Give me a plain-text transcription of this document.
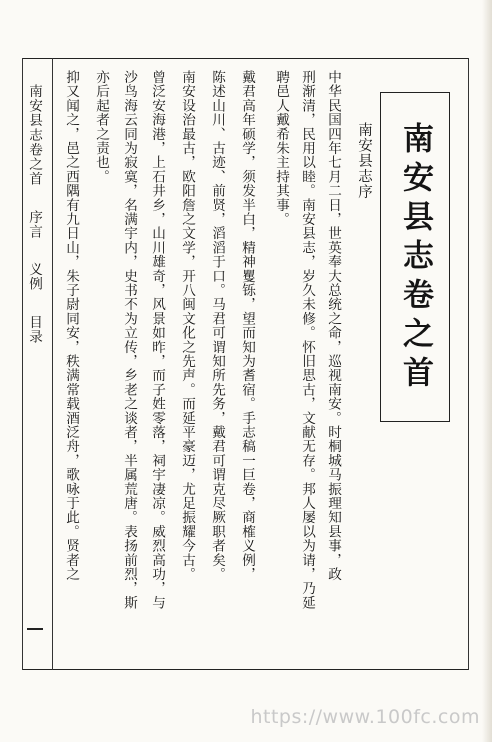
南安县志卷之首 序言 义例 目录	南安县志卷之首
南安县志序
中华民国四年七月二日，世英奉大总统之命，巡视南安。时桐城马振理知县事，政
刑渐清，民用以睦。南安县志，岁久未修。怀旧思古，文献无存。邦人屡以为请，乃延
聘邑人戴希朱主持其事。
戴君高年硕学，须发半白，精神矍铄，望而知为耆宿。手志稿一巨卷，商榷义例，
陈述山川、古迹、前贤，滔滔于口。马君可谓知所先务，戴君可谓克尽厥职者矣。
南安设治最古，欧阳詹之文学，开八闽文化之先声。而延平豪迈，尤足振耀今古。
曾泛安海港，上石井乡，山川雄奇，风景如昨，而子姓零落，祠宇凄凉。威烈高功，与
沙鸟海云同为寂寞，名满宇内，史书不为立传，乡老之谈者，半属荒唐。表扬前烈，斯
亦后起者之责也。
抑又闻之，邑之西隅有九日山，朱子尉同安，秩满常载酒泛舟，歌咏于此。贤者之
https://www.100fc.com
